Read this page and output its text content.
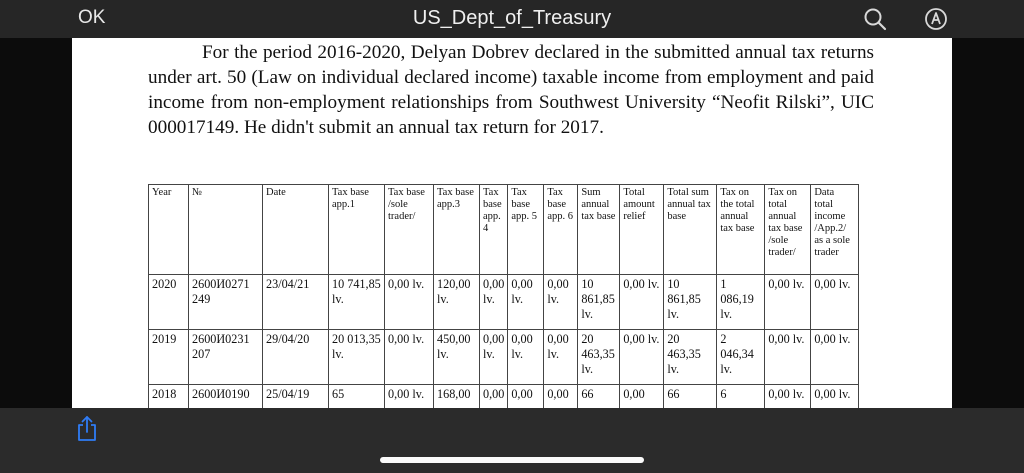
OK	US_Dept_of_Treasury

For the period 2016-2020, Delyan Dobrev declared in the submitted annual tax returns under art. 50 (Law on individual declared income) taxable income from employment and paid income from non-employment relationships from Southwest University “Neofit Rilski”, UIC 000017149. He didn't submit an annual tax return for 2017.

Year	№	Date	Tax base app.1	Tax base /sole trader/	Tax base app.3	Tax base app. 4	Tax base app. 5	Tax base app. 6	Sum annual tax base	Total amount relief	Total sum annual tax base	Tax on the total annual tax base	Tax on total annual tax base /sole trader/	Data total income /App.2/ as a sole trader
2020	2600И0271 249	23/04/21	10 741,85 lv.	0,00 lv.	120,00 lv.	0,00 lv.	0,00 lv.	0,00 lv.	10 861,85 lv.	0,00 lv.	10 861,85 lv.	1 086,19 lv.	0,00 lv.	0,00 lv.
2019	2600И0231 207	29/04/20	20 013,35 lv.	0,00 lv.	450,00 lv.	0,00 lv.	0,00 lv.	0,00 lv.	20 463,35 lv.	0,00 lv.	20 463,35 lv.	2 046,34 lv.	0,00 lv.	0,00 lv.
2018	2600И0190	25/04/19	65	0,00 lv.	168,00	0,00	0,00	0,00	66	0,00	66	6	0,00 lv.	0,00 lv.
